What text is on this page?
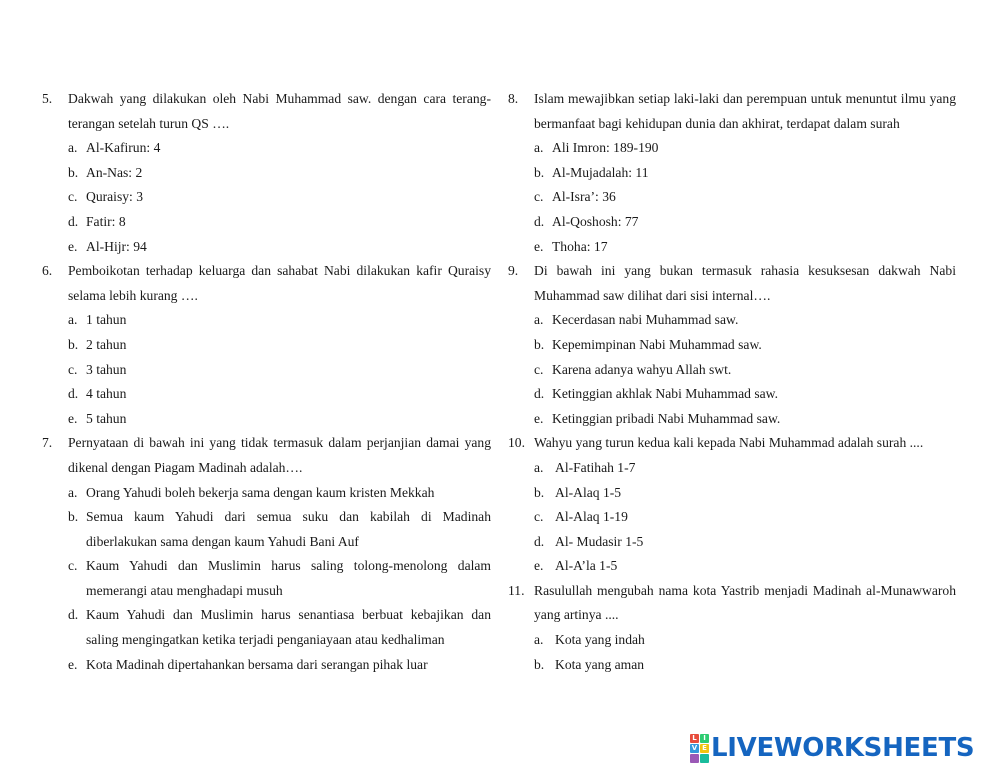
5.	Dakwah yang dilakukan oleh Nabi Muhammad saw. dengan cara terang-terangan setelah turun QS ….
a. Al-Kafirun: 4
b. An-Nas: 2
c. Quraisy: 3
d. Fatir: 8
e. Al-Hijr: 94
6.	Pemboikotan terhadap keluarga dan sahabat Nabi dilakukan kafir Quraisy selama lebih kurang ….
a. 1 tahun
b. 2 tahun
c. 3 tahun
d. 4 tahun
e. 5 tahun
7.	Pernyataan di bawah ini yang tidak termasuk dalam perjanjian damai yang dikenal dengan Piagam Madinah adalah….
a. Orang Yahudi boleh bekerja sama dengan kaum kristen Mekkah
b. Semua kaum Yahudi dari semua suku dan kabilah di Madinah diberlakukan sama dengan kaum Yahudi Bani Auf
c. Kaum Yahudi dan Muslimin harus saling tolong-menolong dalam memerangi atau menghadapi musuh
d. Kaum Yahudi dan Muslimin harus senantiasa berbuat kebajikan dan saling mengingatkan ketika terjadi penganiayaan atau kedhaliman
e. Kota Madinah dipertahankan bersama dari serangan pihak luar
8.	Islam mewajibkan setiap laki-laki dan perempuan untuk menuntut ilmu yang bermanfaat bagi kehidupan dunia dan akhirat, terdapat dalam surah
a. Ali Imron: 189-190
b. Al-Mujadalah: 11
c. Al-Isra’: 36
d. Al-Qoshosh: 77
e. Thoha: 17
9.	Di bawah ini yang bukan termasuk rahasia kesuksesan dakwah Nabi Muhammad saw dilihat dari sisi internal….
a. Kecerdasan nabi Muhammad saw.
b. Kepemimpinan Nabi Muhammad saw.
c. Karena adanya wahyu Allah swt.
d. Ketinggian akhlak Nabi Muhammad saw.
e. Ketinggian pribadi Nabi Muhammad saw.
10. Wahyu yang turun kedua kali kepada Nabi Muhammad adalah surah ....
a. Al-Fatihah 1-7
b. Al-Alaq 1-5
c. Al-Alaq 1-19
d. Al- Mudasir 1-5
e. Al-A’la 1-5
11. Rasulullah mengubah nama kota Yastrib menjadi Madinah al-Munawwaroh yang artinya ....
a. Kota yang indah
b. Kota yang aman
L I
V E LIVEWORKSHEETS
